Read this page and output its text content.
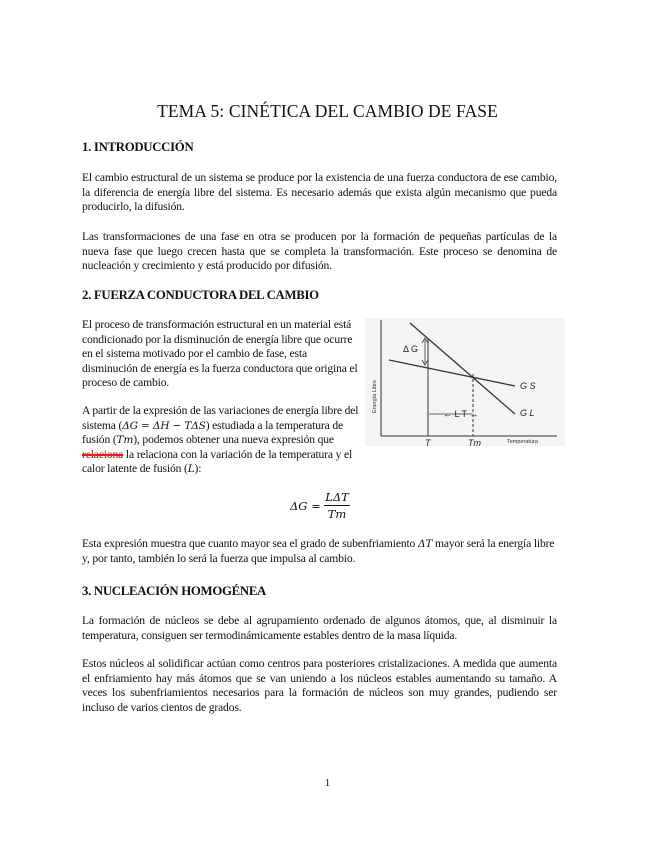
TEMA 5: CINÉTICA DEL CAMBIO DE FASE
1. INTRODUCCIÓN
El cambio estructural de un sistema se produce por la existencia de una fuerza conductora de ese cambio, la diferencia de energía libre del sistema. Es necesario además que exista algún mecanismo que pueda producirlo, la difusión.
Las transformaciones de una fase en otra se producen por la formación de pequeñas partículas de la nueva fase que luego crecen hasta que se completa la transformación. Este proceso se denomina de nucleación y crecimiento y está producido por difusión.
2. FUERZA CONDUCTORA DEL CAMBIO
El proceso de transformación estructural en un material está condicionado por la disminución de energía libre que ocurre en el sistema motivado por el cambio de fase, esta disminución de energía es la fuerza conductora que origina el proceso de cambio.
A partir de la expresión de las variaciones de energía libre del sistema (ΔG = ΔH − TΔS) estudiada a la temperatura de fusión (Tm), podemos obtener una nueva expresión que relaciona la relaciona con la variación de la temperatura y el calor latente de fusión (L):
ΔG =
LΔT
Tm
Δ G
← L T →
T	Tm
G S
G L
Temperatura
Energía Libre
Esta expresión muestra que cuanto mayor sea el grado de subenfriamiento ΔT mayor será la energía libre y, por tanto, también lo será la fuerza que impulsa al cambio.
3. NUCLEACIÓN HOMOGÉNEA
La formación de núcleos se debe al agrupamiento ordenado de algunos átomos, que, al disminuir la temperatura, consiguen ser termodinámicamente estables dentro de la masa líquida.
Estos núcleos al solidificar actúan como centros para posteriores cristalizaciones. A medida que aumenta el enfriamiento hay más átomos que se van uniendo a los núcleos estables aumentando su tamaño. A veces los subenfriamientos necesarios para la formación de núcleos son muy grandes, pudiendo ser incluso de varios cientos de grados.
1
